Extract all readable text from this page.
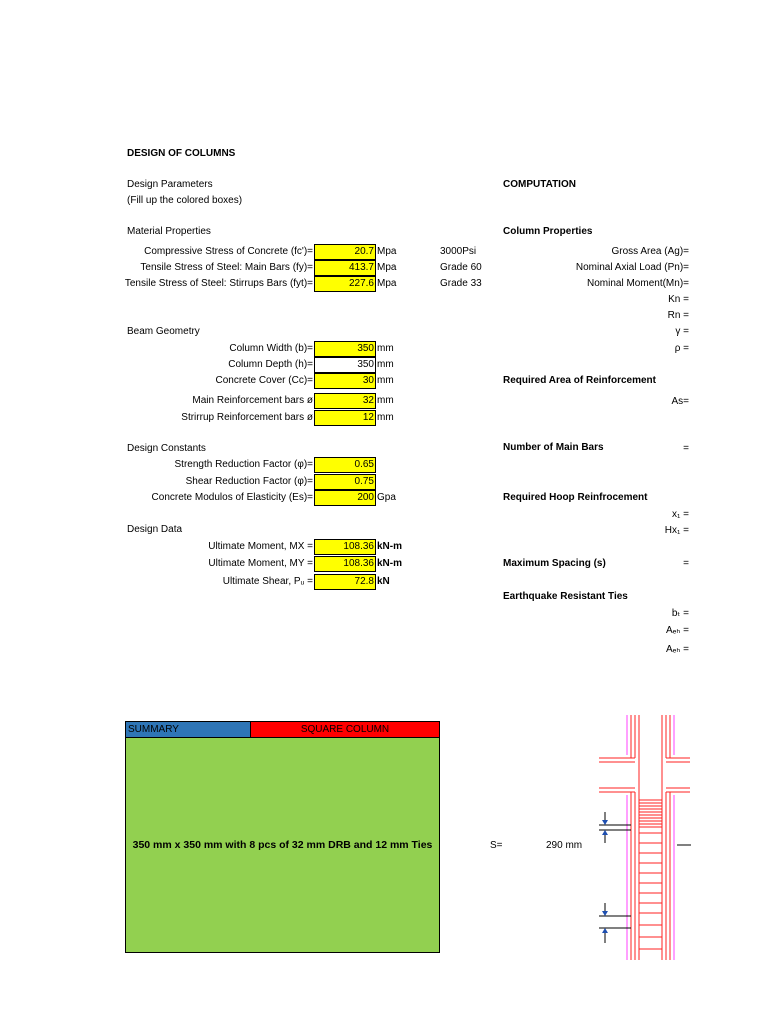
DESIGN OF COLUMNS
Design Parameters
(Fill up the colored boxes)
Material Properties
Compressive Stress of Concrete (fc')=	20.7 Mpa	3000Psi
Tensile Stress of Steel: Main Bars (fy)=	413.7 Mpa	Grade 60
Tensile Stress of Steel: Stirrups Bars (fyt)=	227.6 Mpa	Grade 33
Beam Geometry
Column Width (b)=	350 mm
Column Depth (h)=	350 mm
Concrete Cover (Cc)=	30 mm
Main Reinforcement bars ø	32 mm
Strirrup Reinforcement bars ø	12 mm
Design Constants
Strength Reduction Factor (φ)=	0.65
Shear Reduction Factor (φ)=	0.75
Concrete Modulos of Elasticity (Es)=	200 Gpa
Design Data
Ultimate Moment, MX =	108.36 kN-m
Ultimate Moment, MY =	108.36 kN-m
Ultimate Shear, Pᵤ =	72.8 kN
COMPUTATION
Column Properties
Gross Area (Ag)=
Nominal Axial Load (Pn)=
Nominal Moment(Mn)=
Kn =
Rn =
γ =
ρ =
Required Area of Reinforcement
As=
Number of Main Bars	=
Required Hoop Reinfrocement
x₁ =
Hx₁ =
Maximum Spacing (s)	=
Earthquake Resistant Ties
bₜ =
Aₑₕ =
Aₑₕ =
SUMMARY	SQUARE COLUMN
350 mm x 350 mm with 8 pcs of 32 mm DRB and 12 mm Ties	S=	290 mm
